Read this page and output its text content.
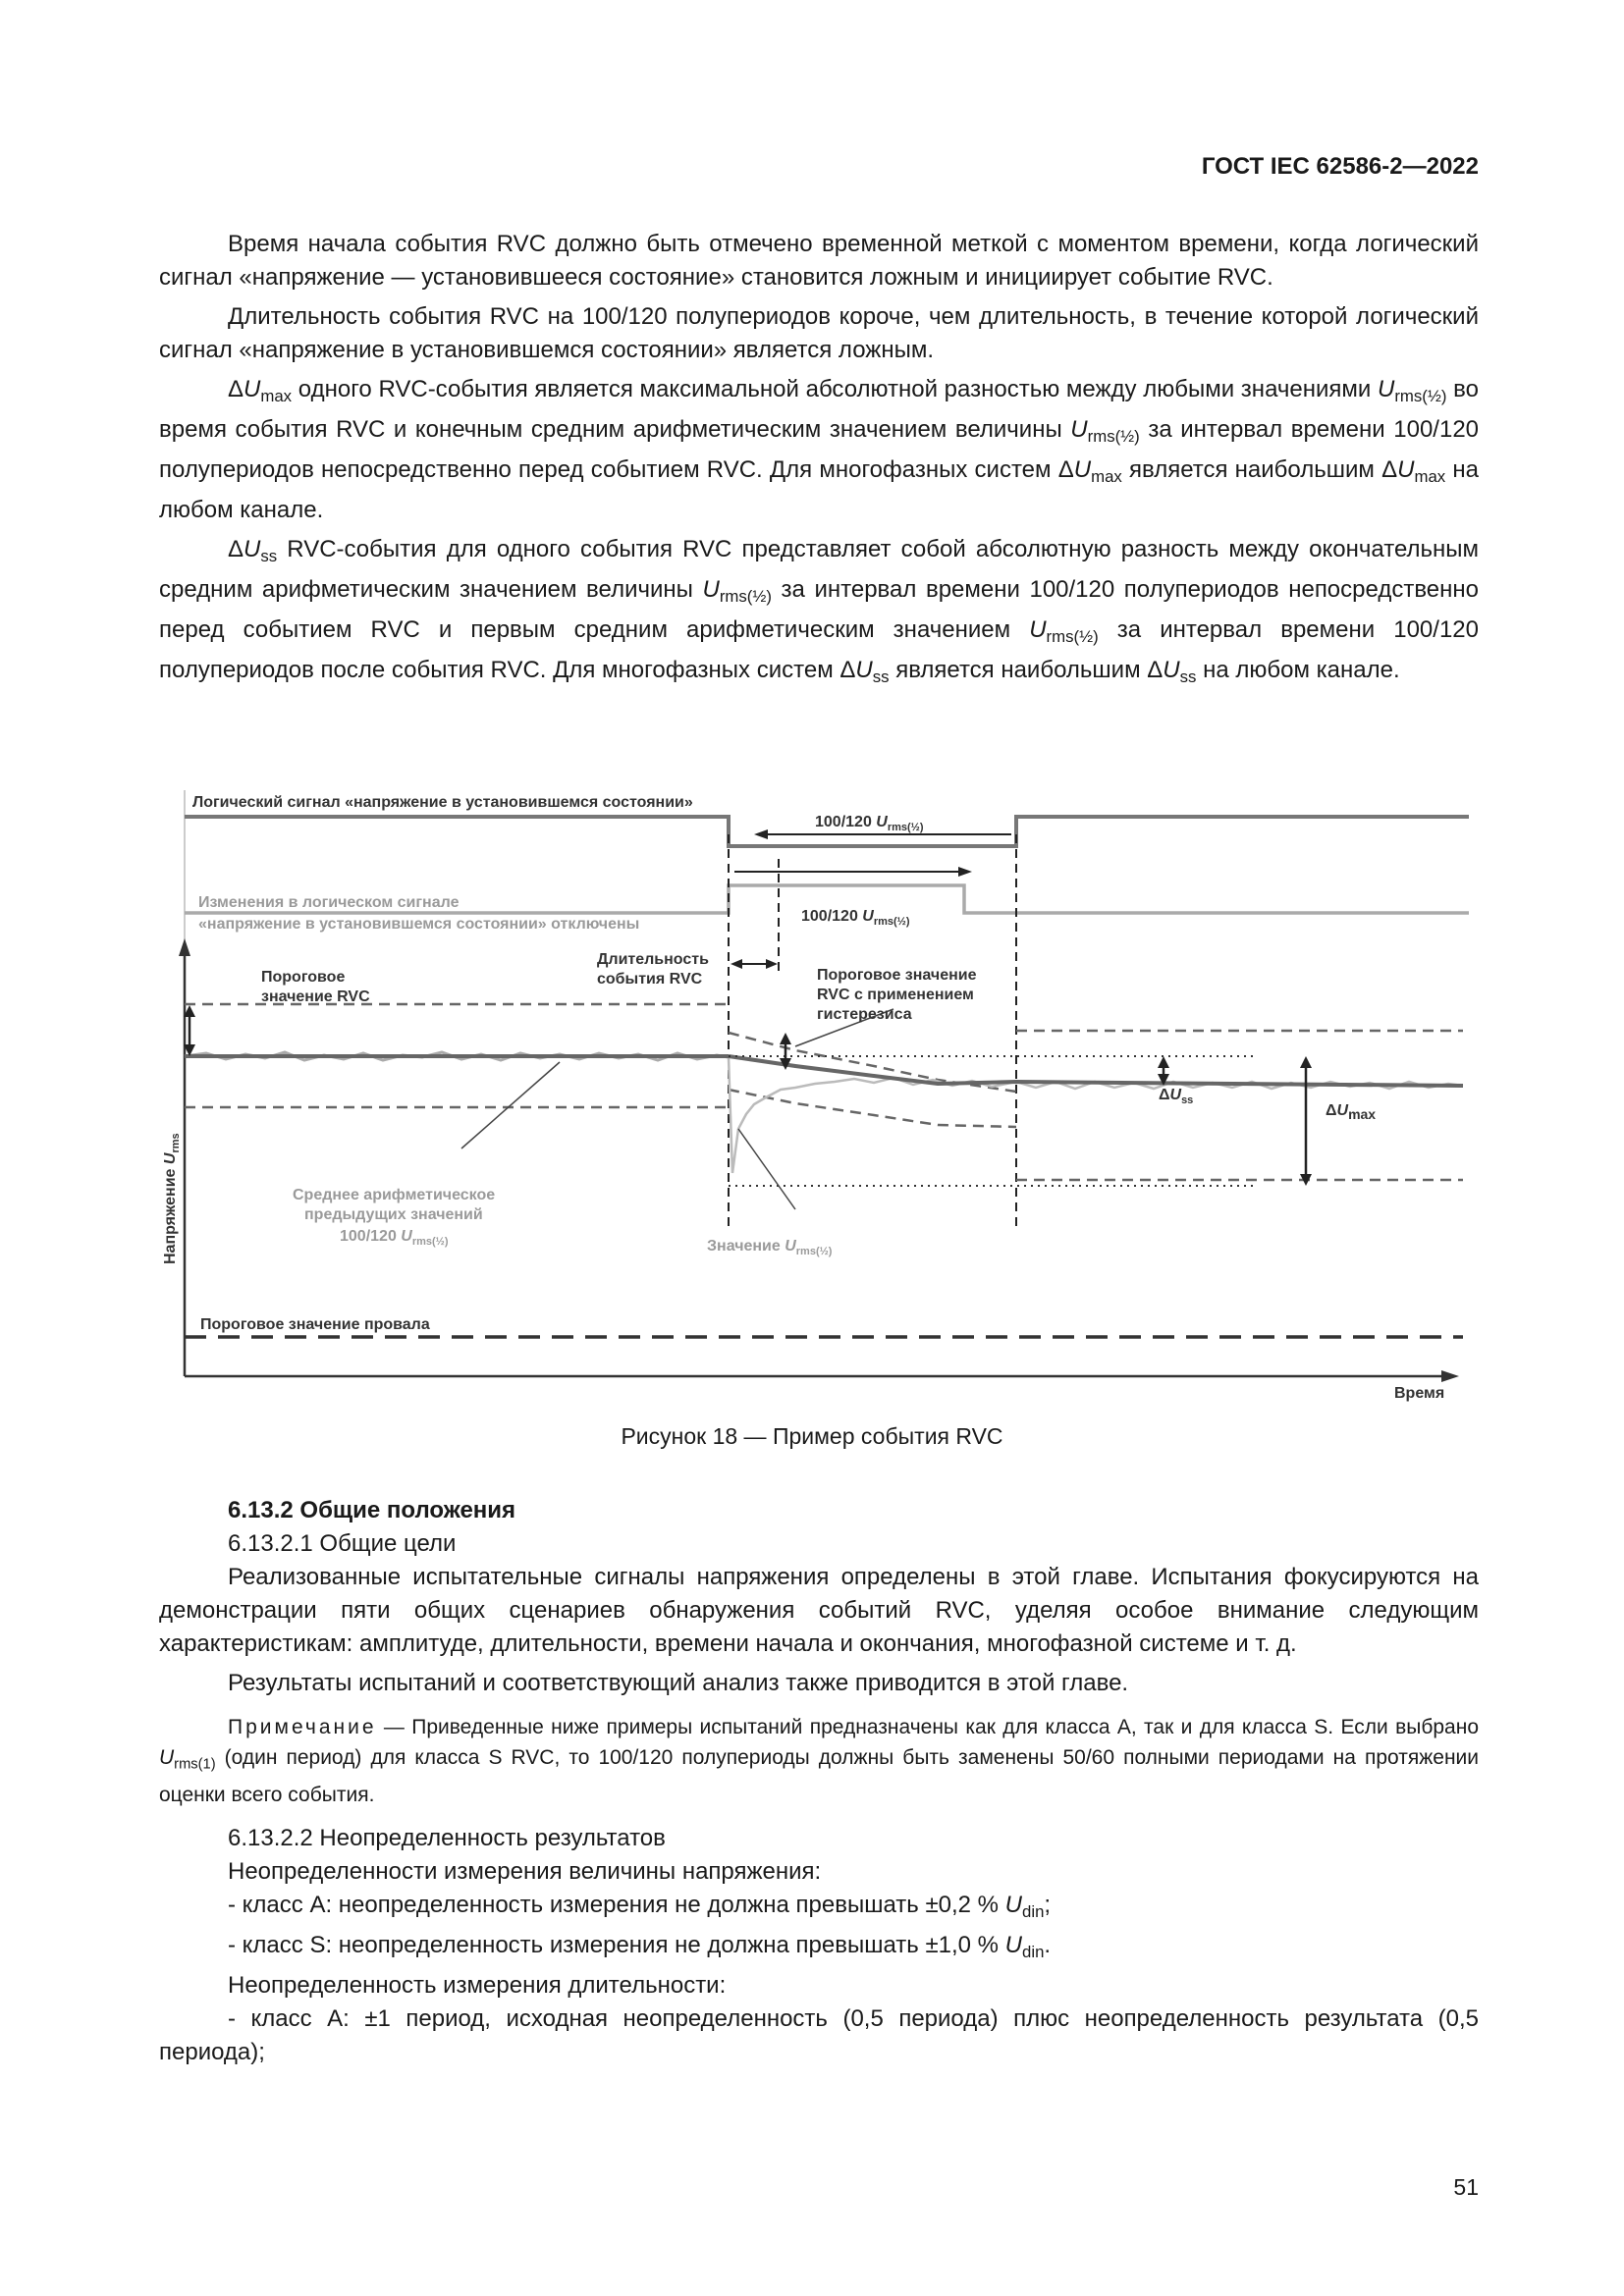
ГОСТ IEC 62586-2—2022

Время начала события RVC должно быть отмечено временной меткой с моментом времени, когда логический сигнал «напряжение — установившееся состояние» становится ложным и инициирует событие RVC.

Длительность события RVC на 100/120 полупериодов короче, чем длительность, в течение которой логический сигнал «напряжение в установившемся состоянии» является ложным.

$\Delta U_{max}$ одного RVC-события является максимальной абсолютной разностью между любыми значениями $U_{rms(\frac{1}{2})}$ во время события RVC и конечным средним арифметическим значением величины $U_{rms(\frac{1}{2})}$ за интервал времени 100/120 полупериодов непосредственно перед событием RVC. Для многофазных систем $\Delta U_{max}$ является наибольшим $\Delta U_{max}$ на любом канале.

$\Delta U_{ss}$ RVC-события для одного события RVC представляет собой абсолютную разность между окончательным средним арифметическим значением величины $U_{rms(\frac{1}{2})}$ за интервал времени 100/120 полупериодов непосредственно перед событием RVC и первым средним арифметическим значением $U_{rms(\frac{1}{2})}$ за интервал времени 100/120 полупериодов после события RVC. Для многофазных систем $\Delta U_{ss}$ является наибольшим $\Delta U_{ss}$ на любом канале.

Логический сигнал «напряжение в установившемся состоянии»
100/120 $U_{rms(\frac{1}{2})}$
Изменения в логическом сигнале
«напряжение в установившемся состоянии» отключены	100/120 $U_{rms(\frac{1}{2})}$
Длительность
события RVC
Пороговое
значение RVC
Пороговое значение
RVC с применением
гистерезиса
Среднее арифметическое
предыдущих значений
100/120 $U_{rms(\frac{1}{2})}$	Значение $U_{rms(\frac{1}{2})}$
Пороговое значение провала
$\Delta U_{ss}$
ΔUmax
Время
Напряжение $U_{rms}$
Рисунок 18 — Пример события RVC

6.13.2 Общие положения

6.13.2.1 Общие цели

Реализованные испытательные сигналы напряжения определены в этой главе. Испытания фокусируются на демонстрации пяти общих сценариев обнаружения событий RVC, уделяя особое внимание следующим характеристикам: амплитуде, длительности, времени начала и окончания, многофазной системе и т. д.

Результаты испытаний и соответствующий анализ также приводится в этой главе.

Примечание — Приведенные ниже примеры испытаний предназначены как для класса А, так и для класса S. Если выбрано $U_{rms(1)}$ (один период) для класса S RVC, то 100/120 полупериоды должны быть заменены 50/60 полными периодами на протяжении оценки всего события.

6.13.2.2 Неопределенность результатов

Неопределенности измерения величины напряжения:

- класс А: неопределенность измерения не должна превышать ±0,2 % $U_{din}$;

- класс S: неопределенность измерения не должна превышать ±1,0 % $U_{din}$.

Неопределенность измерения длительности:

- класс А: ±1 период, исходная неопределенность (0,5 периода) плюс неопределенность результата (0,5 периода);

51
